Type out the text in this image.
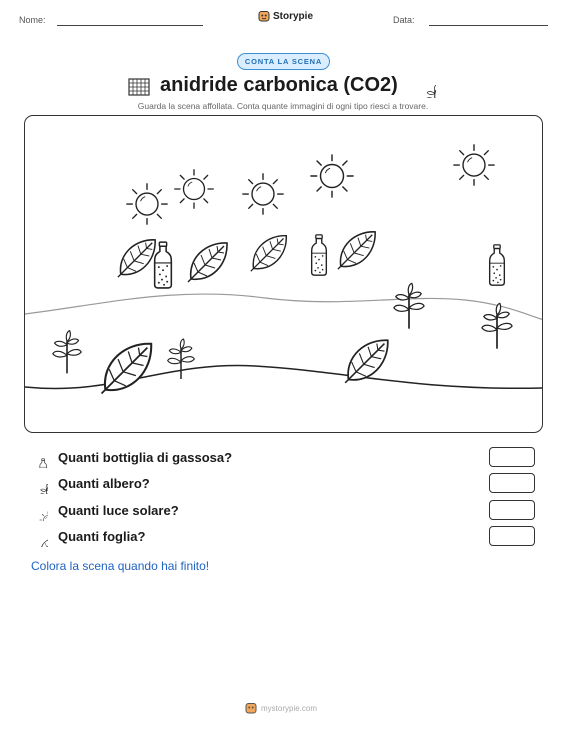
Nome:	Storypie	Data:
CONTA LA SCENA
anidride carbonica (CO2)
Guarda la scena affollata. Conta quante immagini di ogni tipo riesci a trovare.
Quanti bottiglia di gassosa?
Quanti albero?
Quanti luce solare?
Quanti foglia?
Colora la scena quando hai finito!
mystorypie.com
